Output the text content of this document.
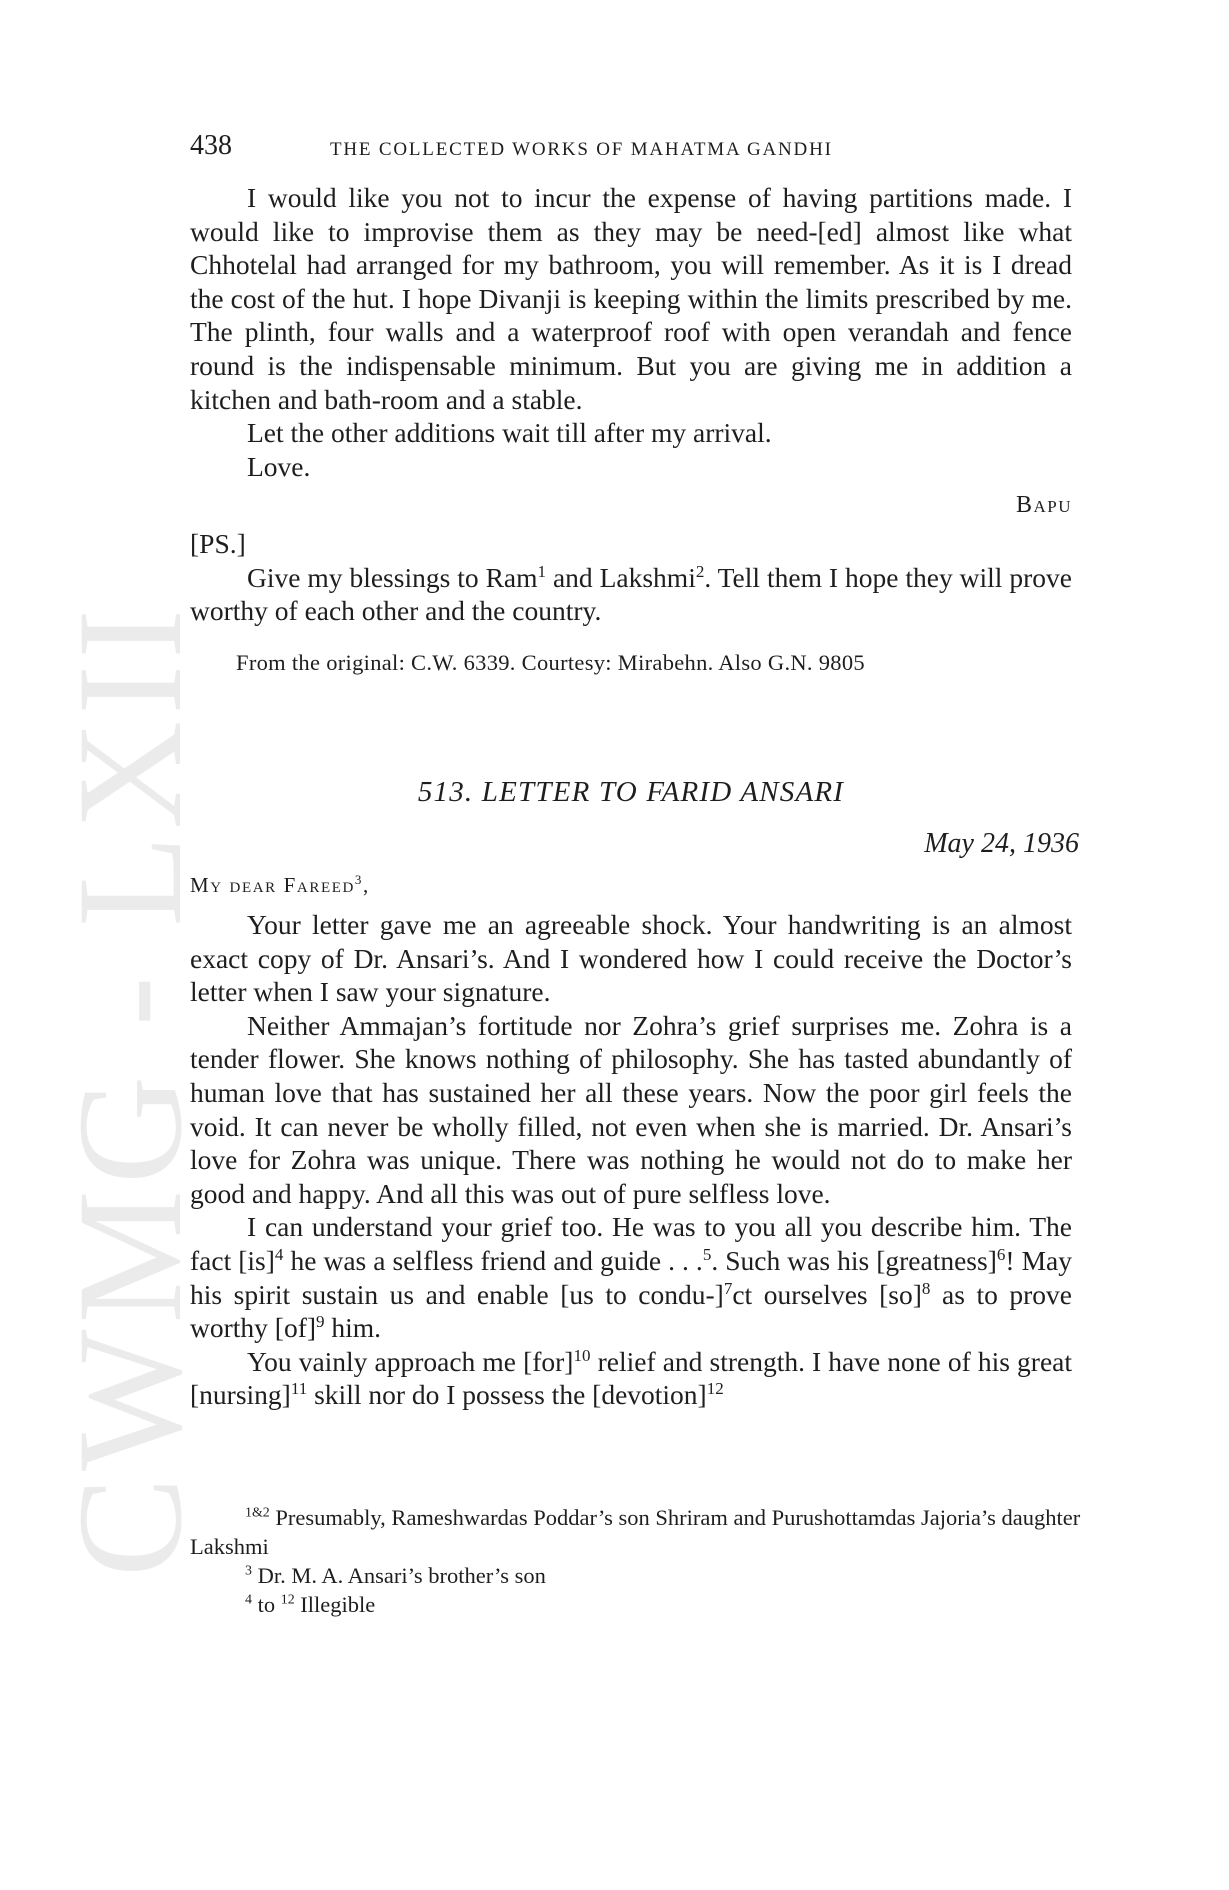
CWMG - LXII
438	THE COLLECTED WORKS OF MAHATMA GANDHI

I would like you not to incur the expense of having partitions made. I would like to improvise them as they may be need-[ed] almost like what Chhotelal had arranged for my bathroom, you will remember. As it is I dread the cost of the hut. I hope Divanji is keeping within the limits prescribed by me. The plinth, four walls and a waterproof roof with open verandah and fence round is the indispensable minimum. But you are giving me in addition a kitchen and bath-room and a stable.

Let the other additions wait till after my arrival.

Love.

Bapu

[PS.]

Give my blessings to Ram$^1$ and Lakshmi$^2$. Tell them I hope they will prove worthy of each other and the country.

From the original: C.W. 6339. Courtesy: Mirabehn. Also G.N. 9805
513. LETTER TO FARID ANSARI
May 24, 1936
My dear Fareed$^3$,

Your letter gave me an agreeable shock. Your handwriting is an almost exact copy of Dr. Ansari’s. And I wondered how I could receive the Doctor’s letter when I saw your signature.

Neither Ammajan’s fortitude nor Zohra’s grief surprises me. Zohra is a tender flower. She knows nothing of philosophy. She has tasted abundantly of human love that has sustained her all these years. Now the poor girl feels the void. It can never be wholly filled, not even when she is married. Dr. Ansari’s love for Zohra was unique. There was nothing he would not do to make her good and happy. And all this was out of pure selfless love.

I can understand your grief too. He was to you all you describe him. The fact [is]$^4$ he was a selfless friend and guide . . .$^5$. Such was his [greatness]$^6$! May his spirit sustain us and enable [us to condu-]$^7$ct ourselves [so]$^8$ as to prove worthy [of]$^9$ him.

You vainly approach me [for]$^{10}$ relief and strength. I have none of his great $[nursing]^{11}$ skill nor do I possess the [devotion]$^{12}$

$^{1\&2}$ Presumably, Rameshwardas Poddar’s son Shriram and Purushottamdas Jajoria’s daughter Lakshmi

$^3$ Dr. M. A. Ansari’s brother’s son

$^4$ to $^{12}$ Illegible
